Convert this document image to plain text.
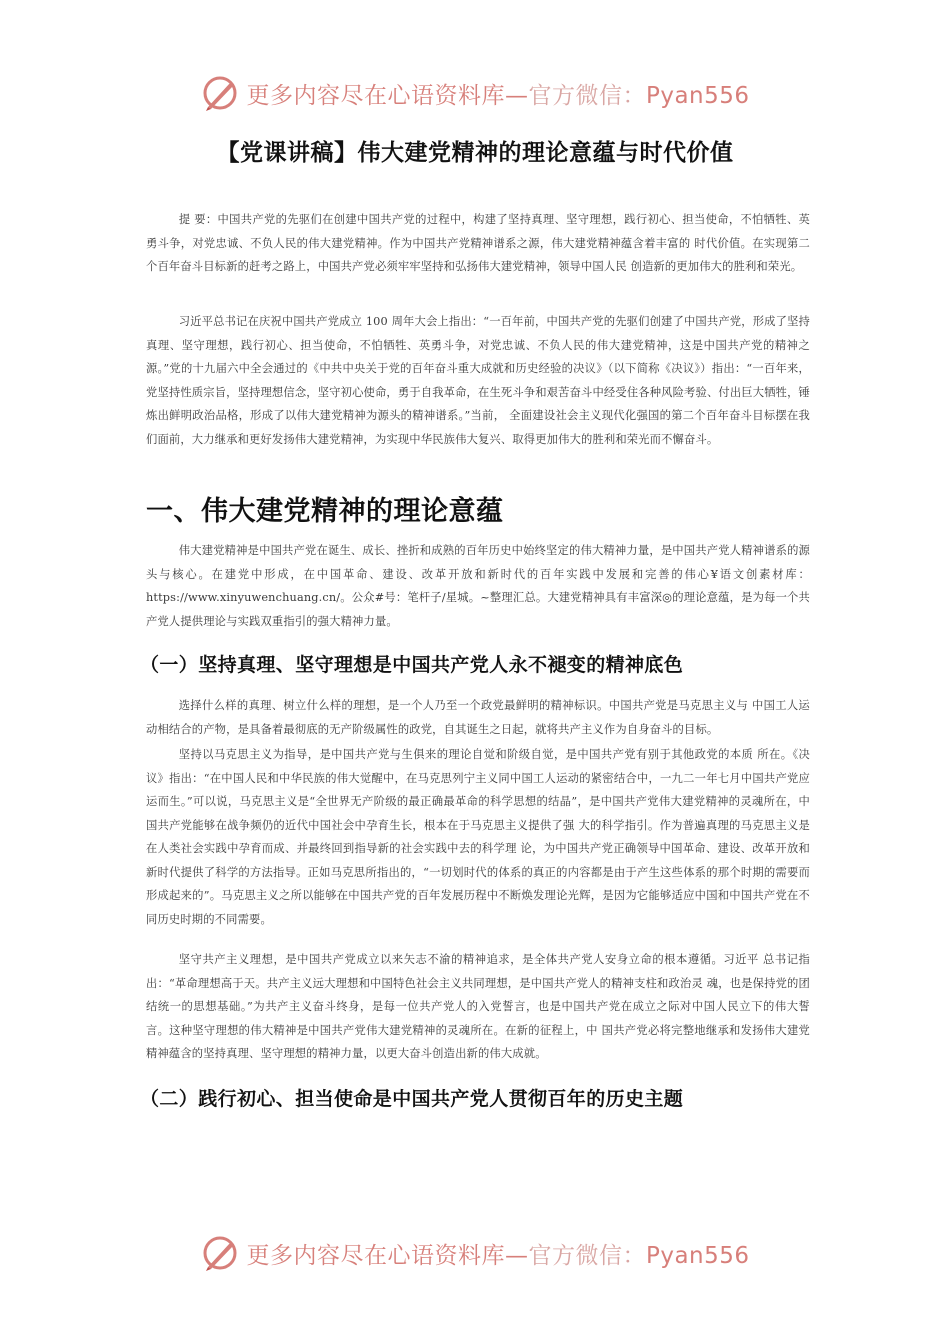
更多内容尽在心语资料库—官方微信：Pyan556
【党课讲稿】伟大建党精神的理论意蕴与时代价值

提 要：中国共产党的先驱们在创建中国共产党的过程中，构建了坚持真理、坚守理想，践行初心、担当使命，不怕牺牲、英勇斗争，对党忠诚、不负人民的伟大建党精神。作为中国共产党精神谱系之源，伟大建党精神蕴含着丰富的 时代价值。在实现第二个百年奋斗目标新的赶考之路上，中国共产党必须牢牢坚持和弘扬伟大建党精神，领导中国人民 创造新的更加伟大的胜利和荣光。

习近平总书记在庆祝中国共产党成立 100 周年大会上指出：“一百年前，中国共产党的先驱们创建了中国共产党，形成了坚持真理、坚守理想，践行初心、担当使命，不怕牺牲、英勇斗争，对党忠诚、不负人民的伟大建党精神，这是中国共产党的精神之源。”党的十九届六中全会通过的《中共中央关于党的百年奋斗重大成就和历史经验的决议》（以下简称《决议》）指出：“一百年来，党坚持性质宗旨，坚持理想信念，坚守初心使命，勇于自我革命，在生死斗争和艰苦奋斗中经受住各种风险考验、付出巨大牺牲，锤炼出鲜明政治品格，形成了以伟大建党精神为源头的精神谱系。”当前， 全面建设社会主义现代化强国的第二个百年奋斗目标摆在我们面前，大力继承和更好发扬伟大建党精神，为实现中华民族伟大复兴、取得更加伟大的胜利和荣光而不懈奋斗。

一、伟大建党精神的理论意蕴

伟大建党精神是中国共产党在诞生、成长、挫折和成熟的百年历史中始终坚定的伟大精神力量，是中国共产党人精神谱系的源头与核心。在建党中形成，在中国革命、建设、改革开放和新时代的百年实践中发展和完善的伟心¥语文创素材库：https://www.xinyuwenchuang.cn/。公众#号：笔杆子/星城。~整理汇总。大建党精神具有丰富深◎的理论意蕴，是为每一个共产党人提供理论与实践双重指引的强大精神力量。

（一）坚持真理、坚守理想是中国共产党人永不褪变的精神底色

选择什么样的真理、树立什么样的理想，是一个人乃至一个政党最鲜明的精神标识。中国共产党是马克思主义与 中国工人运动相结合的产物，是具备着最彻底的无产阶级属性的政党，自其诞生之日起，就将共产主义作为自身奋斗的目标。

坚持以马克思主义为指导，是中国共产党与生俱来的理论自觉和阶级自觉，是中国共产党有别于其他政党的本质 所在。《决议》指出：“在中国人民和中华民族的伟大觉醒中，在马克思列宁主义同中国工人运动的紧密结合中，一九二一年七月中国共产党应运而生。”可以说，马克思主义是“全世界无产阶级的最正确最革命的科学思想的结晶”，是中国共产党伟大建党精神的灵魂所在，中国共产党能够在战争频仍的近代中国社会中孕育生长，根本在于马克思主义提供了强 大的科学指引。作为普遍真理的马克思主义是在人类社会实践中孕育而成、并最终回到指导新的社会实践中去的科学理 论，为中国共产党正确领导中国革命、建设、改革开放和新时代提供了科学的方法指导。正如马克思所指出的，“一切划时代的体系的真正的内容都是由于产生这些体系的那个时期的需要而形成起来的”。马克思主义之所以能够在中国共产党的百年发展历程中不断焕发理论光辉，是因为它能够适应中国和中国共产党在不同历史时期的不同需要。

坚守共产主义理想，是中国共产党成立以来矢志不渝的精神追求，是全体共产党人安身立命的根本遵循。习近平 总书记指出：“革命理想高于天。共产主义远大理想和中国特色社会主义共同理想，是中国共产党人的精神支柱和政治灵 魂，也是保持党的团结统一的思想基础。”为共产主义奋斗终身，是每一位共产党人的入党誓言，也是中国共产党在成立之际对中国人民立下的伟大誓言。这种坚守理想的伟大精神是中国共产党伟大建党精神的灵魂所在。在新的征程上，中 国共产党必将完整地继承和发扬伟大建党精神蕴含的坚持真理、坚守理想的精神力量，以更大奋斗创造出新的伟大成就。

（二）践行初心、担当使命是中国共产党人贯彻百年的历史主题
更多内容尽在心语资料库—官方微信：Pyan556
